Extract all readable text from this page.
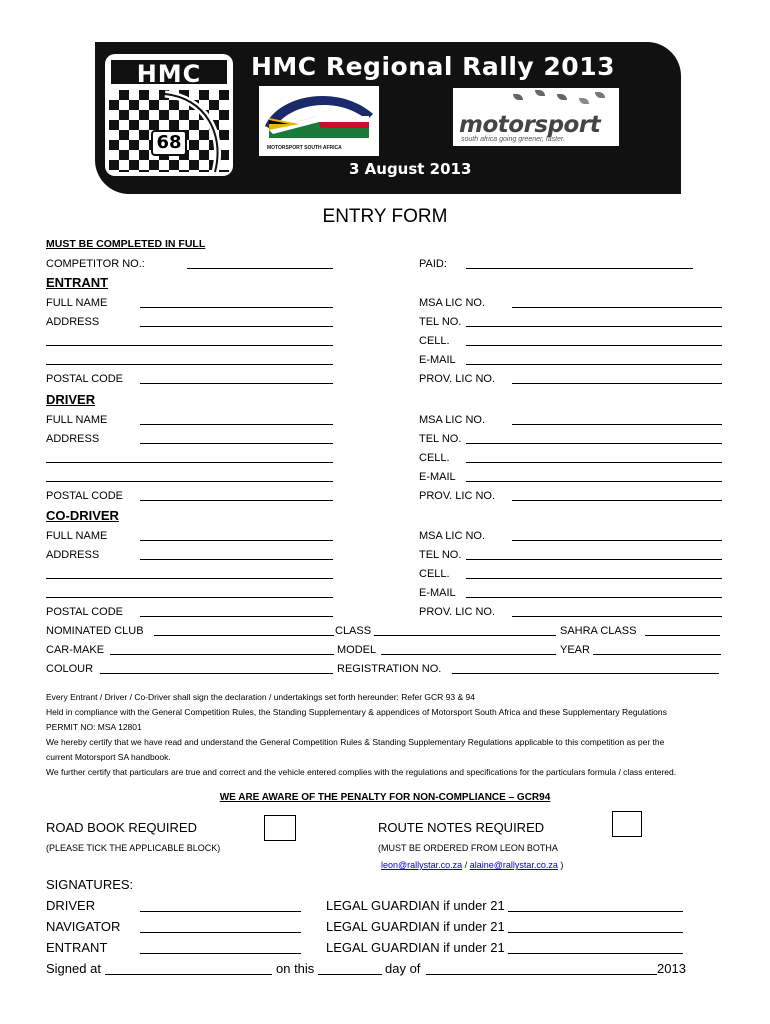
HMC
68
HMC Regional Rally 2013
MOTORSPORT SOUTH AFRICA
motorsport
south africa going greener, faster.
3 August 2013
ENTRY FORM
MUST BE COMPLETED IN FULL
COMPETITOR NO.:	PAID:
ENTRANT
FULL NAME	MSA LIC NO.
ADDRESS	TEL NO.
CELL.
E-MAIL
POSTAL CODE	PROV. LIC NO.
DRIVER
FULL NAME	MSA LIC NO.
ADDRESS	TEL NO.
CELL.
E-MAIL
POSTAL CODE	PROV. LIC NO.
CO-DRIVER
FULL NAME	MSA LIC NO.
ADDRESS	TEL NO.
CELL.
E-MAIL
POSTAL CODE	PROV. LIC NO.
NOMINATED CLUB	CLASS	SAHRA CLASS
CAR-MAKE	MODEL	YEAR
COLOUR	REGISTRATION NO.
Every Entrant / Driver / Co-Driver shall sign the declaration / undertakings set forth hereunder: Refer GCR 93 & 94
Held in compliance with the General Competition Rules, the Standing Supplementary & appendices of Motorsport South Africa and these Supplementary Regulations
PERMIT NO: MSA 12801
We hereby certify that we have read and understand the General Competition Rules & Standing Supplementary Regulations applicable to this competition as per the
current Motorsport SA handbook.
We further certify that particulars are true and correct and the vehicle entered complies with the regulations and specifications for the particulars formula / class entered.
WE ARE AWARE OF THE PENALTY FOR NON-COMPLIANCE – GCR94
ROAD BOOK REQUIRED
(PLEASE TICK THE APPLICABLE BLOCK)
ROUTE NOTES REQUIRED
(MUST BE ORDERED FROM LEON BOTHA
leon@rallystar.co.za / alaine@rallystar.co.za )
SIGNATURES:
DRIVER	LEGAL GUARDIAN if under 21
NAVIGATOR	LEGAL GUARDIAN if under 21
ENTRANT	LEGAL GUARDIAN if under 21
Signed at	on this	day of	2013
